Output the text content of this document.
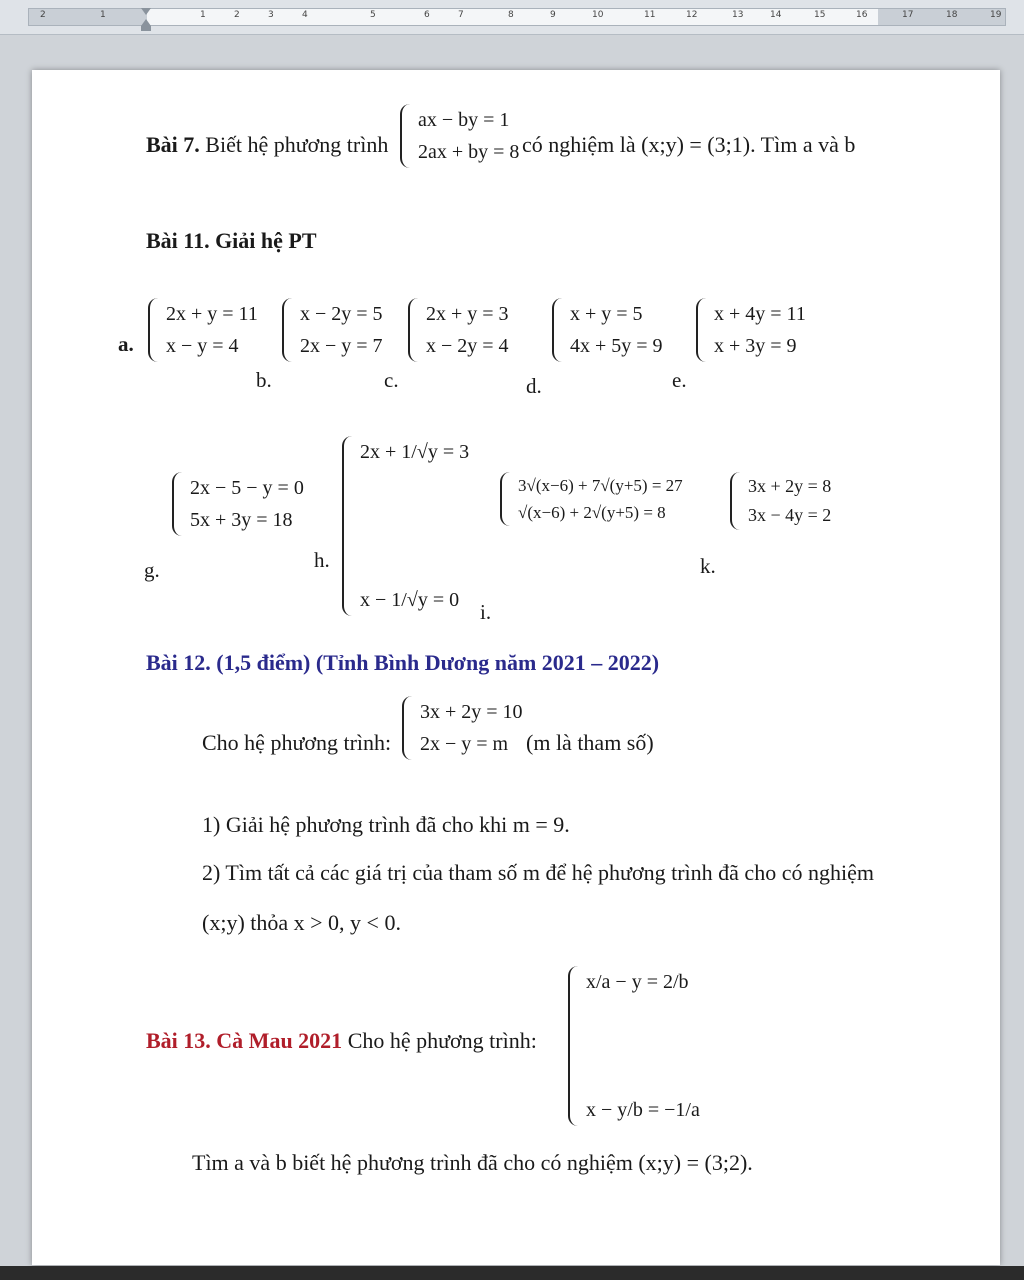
2	1	1	2	3	4	5	6	7	8	9	10	11	12	13	14	15	16	17	18	19
Bài 7. Biết hệ phương trình
ax − by = 1
2ax + by = 8 có nghiệm là (x;y) = (3;1). Tìm a và b
Bài 11. Giải hệ PT
a.
2x + y = 11
x − y = 4
b.
x − 2y = 5
2x − y = 7
c.
2x + y = 3
x − 2y = 4
d.
x + y = 5
4x + 5y = 9
e.
x + 4y = 11
x + 3y = 9
g.
2x − 5 − y = 0
5x + 3y = 18
h.
2x + 1/√y = 3
x − 1/√y = 0 i.
3√(x−6) + 7√(y+5) = 27
√(x−6) + 2√(y+5) = 8
k.
3x + 2y = 8
3x − 4y = 2
Bài 12. (1,5 điểm) (Tỉnh Bình Dương năm 2021 – 2022)
Cho hệ phương trình:
3x + 2y = 10
2x − y = m (m là tham số)
1) Giải hệ phương trình đã cho khi m = 9.
2) Tìm tất cả các giá trị của tham số m để hệ phương trình đã cho có nghiệm
(x;y) thỏa x > 0, y < 0.
Bài 13. Cà Mau 2021 Cho hệ phương trình:
x/a − y = 2/b
x − y/b = −1/a
Tìm a và b biết hệ phương trình đã cho có nghiệm (x;y) = (3;2).
